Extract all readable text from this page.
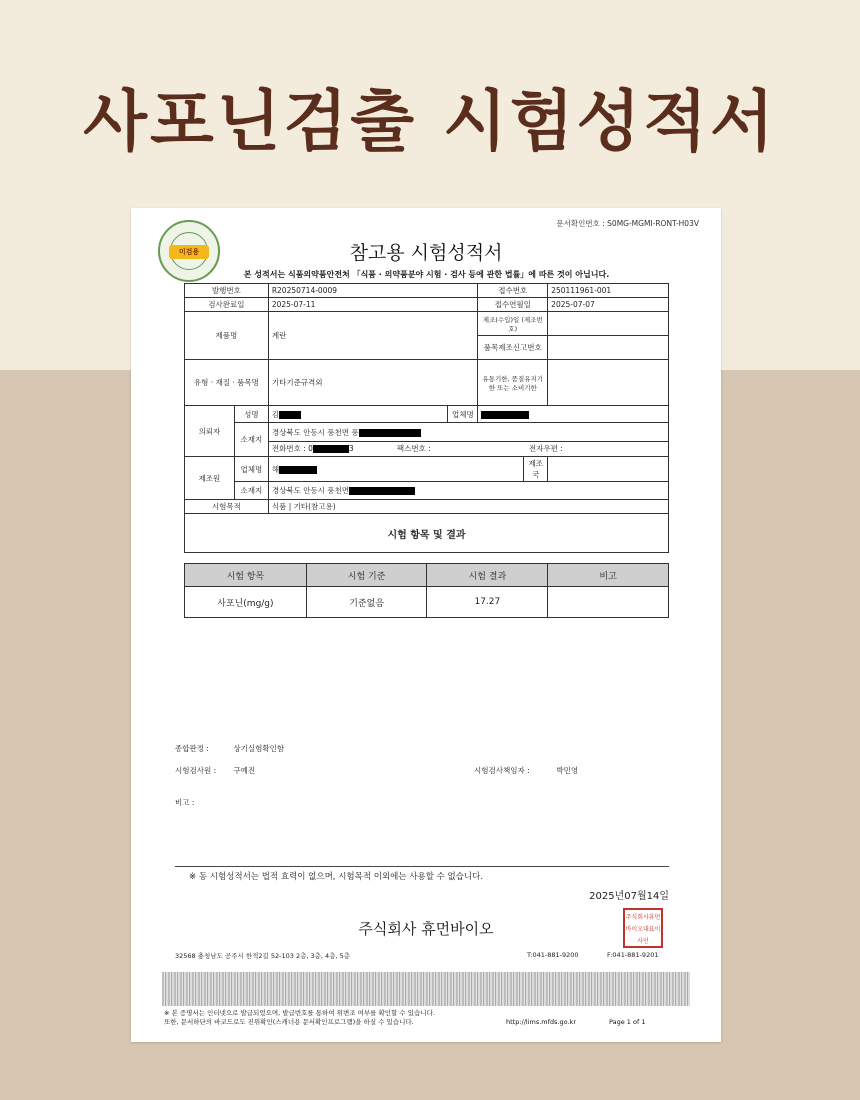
사포닌검출 시험성적서
문서확인번호 : S0MG-MGMI-RONT-H03V
미검용	참고용 시험성적서
본 성적서는 식품의약품안전처 「식품 · 의약품분야 시험 · 검사 등에 관한 법률」에 따른 것이 아닙니다.
발행번호		R20250714-0009		접수번호		250111961-001
검사완료일		2025-07-11		접수연월일		2025-07-07
제품명		계란		제조(수입)일 (제조번호)		
				품목제조신고번호		
유형 · 재질 · 품목명		기타기준규격외		유통기한, 품질유지기한 또는 소비기한		
의뢰자	성명	김	업체명			
	소재지	경상북도 안동시 풍천면 풍
전화번호 : 0 3 팩스번호 : 전자우편 :				

제조원	업체명	해			제조국	
	소재지	경상북도 안동시 풍천면				
시험목적		식품 | 기타(참고용)				
시험 항목 및 결과						
시험 항목	시험 기준	시험 결과	비고
사포닌(mg/g)	기준없음	17.27	
종합판정 :	상기실험확인함
시험검사원 : 구예진	시험검사책임자 :	박민영
비고 :
※ 동 시험성적서는 법적 효력이 없으며, 시험목적 이외에는 사용할 수 없습니다.
2025년07월14일
주식회사 휴먼바이오
주식회사휴먼바이오대표이사인
32568 충청남도 공주시 한적2길 52-103 2층, 3층, 4층, 5층	T:041-881-9200	F:041-881-9201
※ 본 증명서는 인터넷으로 발급되었으며, 발급번호를 통하여 위변조 여부를 확인할 수 있습니다.
또한, 문서하단의 바코드로도 진위확인(스캐너용 문서확인프로그램)을 하실 수 있습니다.	http://lims.mfds.go.kr	Page 1 of 1
